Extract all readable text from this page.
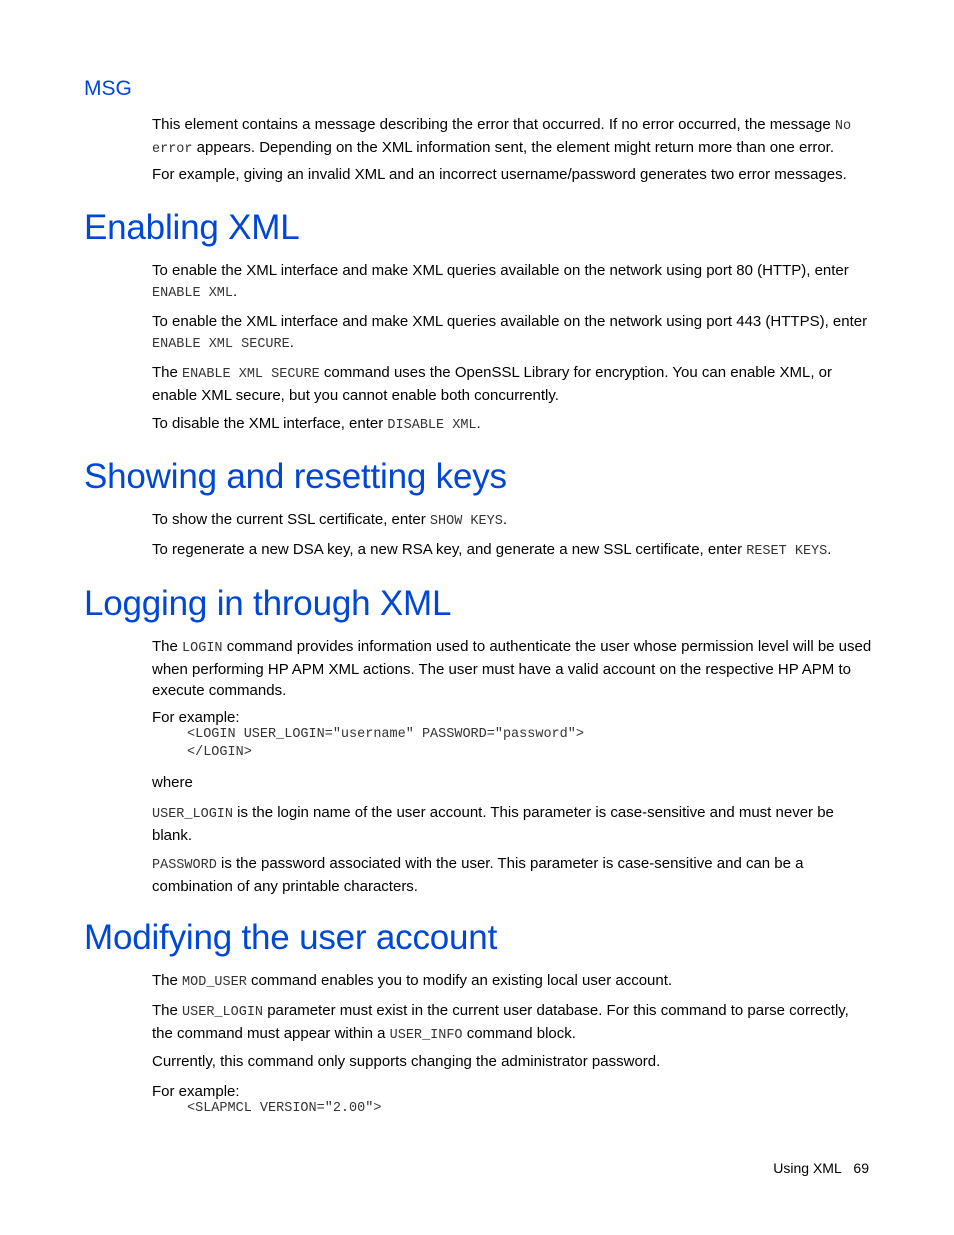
MSG

This element contains a message describing the error that occurred. If no error occurred, the message No error appears. Depending on the XML information sent, the element might return more than one error.

For example, giving an invalid XML and an incorrect username/password generates two error messages.

Enabling XML

To enable the XML interface and make XML queries available on the network using port 80 (HTTP), enter ENABLE XML.

To enable the XML interface and make XML queries available on the network using port 443 (HTTPS), enter ENABLE XML SECURE.

The ENABLE XML SECURE command uses the OpenSSL Library for encryption. You can enable XML, or enable XML secure, but you cannot enable both concurrently.

To disable the XML interface, enter DISABLE XML.

Showing and resetting keys

To show the current SSL certificate, enter SHOW KEYS.

To regenerate a new DSA key, a new RSA key, and generate a new SSL certificate, enter RESET KEYS.

Logging in through XML

The LOGIN command provides information used to authenticate the user whose permission level will be used when performing HP APM XML actions. The user must have a valid account on the respective HP APM to execute commands.

For example:

<LOGIN USER_LOGIN="username" PASSWORD="password">
</LOGIN>

where

USER_LOGIN is the login name of the user account. This parameter is case-sensitive and must never be blank.

PASSWORD is the password associated with the user. This parameter is case-sensitive and can be a combination of any printable characters.

Modifying the user account

The MOD_USER command enables you to modify an existing local user account.

The USER_LOGIN parameter must exist in the current user database. For this command to parse correctly, the command must appear within a USER_INFO command block.

Currently, this command only supports changing the administrator password.

For example:

<SLAPMCL VERSION="2.00">
Using XML 69
